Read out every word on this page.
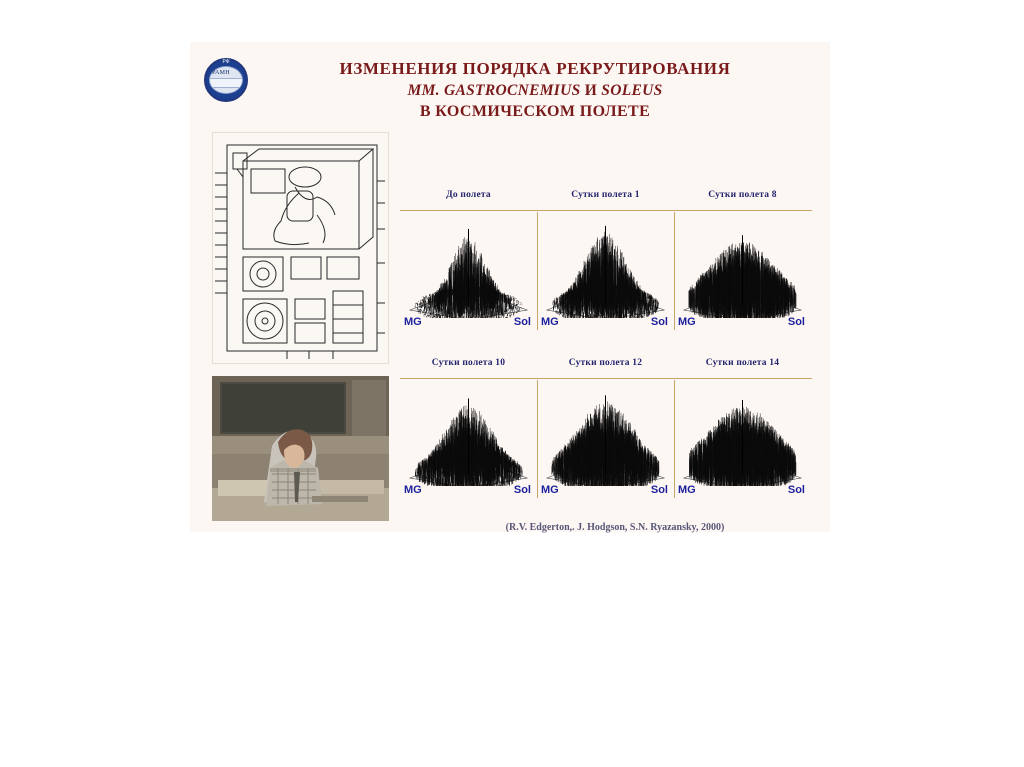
РФ
РАМН	ИЗМЕНЕНИЯ ПОРЯДКА РЕКРУТИРОВАНИЯ
MM. GASTROCNEMIUS И SOLEUS
В КОСМИЧЕСКОМ ПОЛЕТЕ
До полета
MG	Sol
Сутки полета 1
MG	Sol
Сутки полета 8
MG	Sol
Сутки полета 10
MG	Sol
Сутки полета 12
MG	Sol
Сутки полета 14
MG	Sol
(R.V. Edgerton,. J. Hodgson, S.N. Ryazansky, 2000)
